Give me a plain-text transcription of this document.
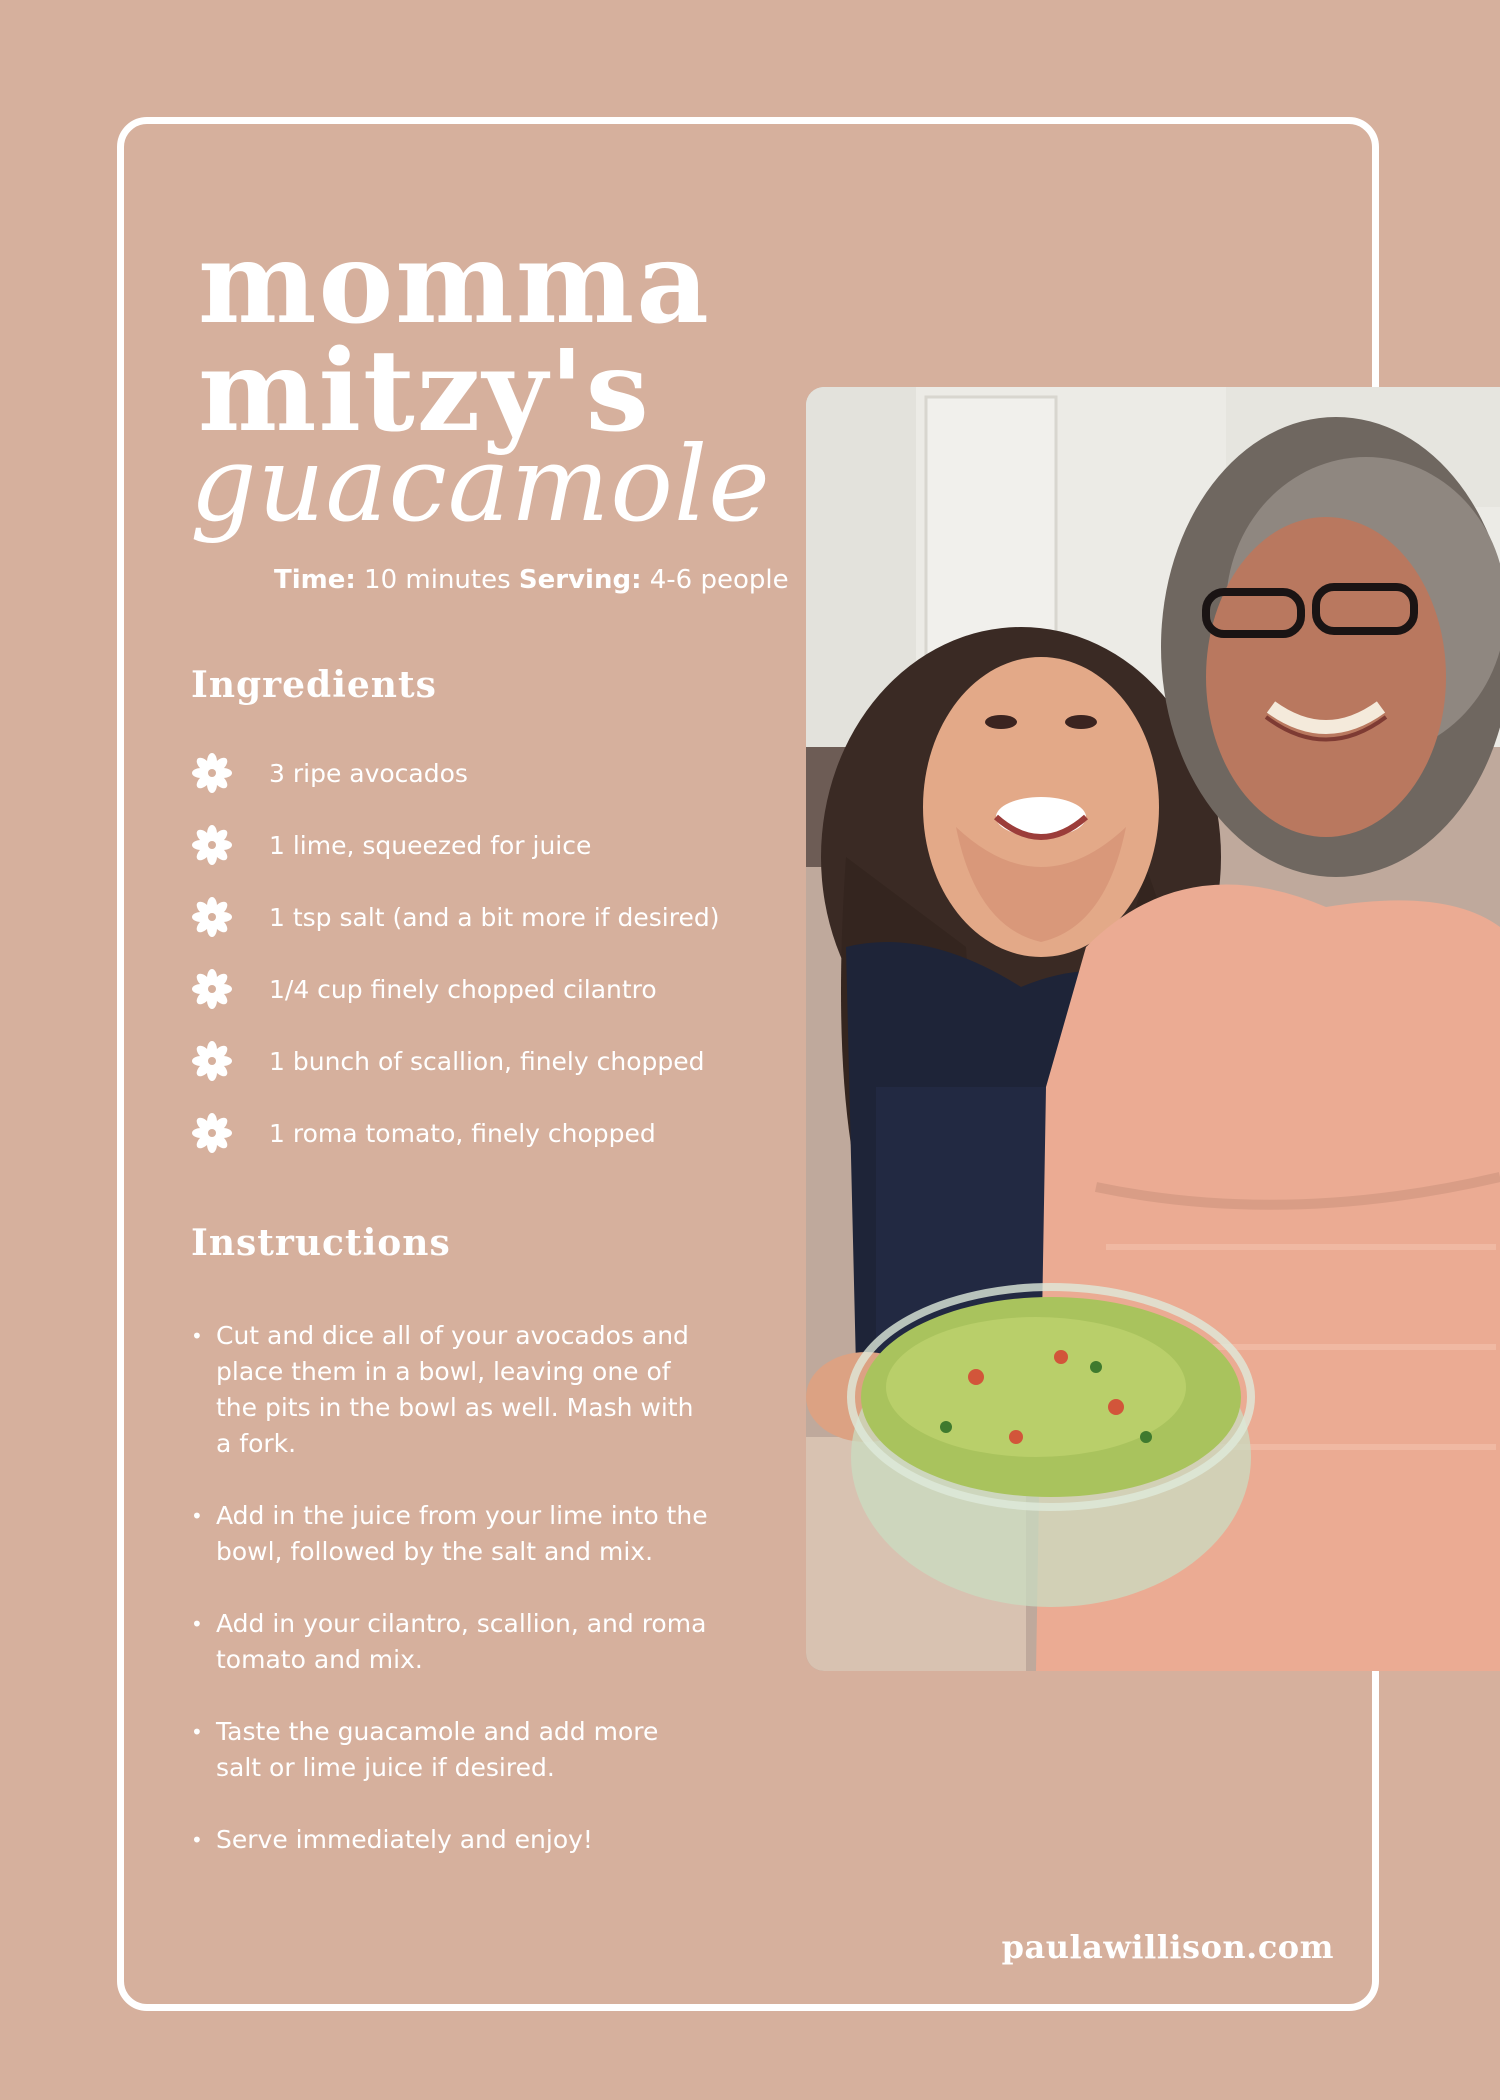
momma
mitzy's
guacamole
Time: 10 minutes Serving: 4-6 people
Ingredients
3 ripe avocados
1 lime, squeezed for juice
1 tsp salt (and a bit more if desired)
1/4 cup finely chopped cilantro
1 bunch of scallion, finely chopped
1 roma tomato, finely chopped
Instructions
• Cut and dice all of your avocados and place them in a bowl, leaving one of the pits in the bowl as well. Mash with a fork.
• Add in the juice from your lime into the bowl, followed by the salt and mix.
• Add in your cilantro, scallion, and roma tomato and mix.
• Taste the guacamole and add more salt or lime juice if desired.
• Serve immediately and enjoy!
paulawillison.com
